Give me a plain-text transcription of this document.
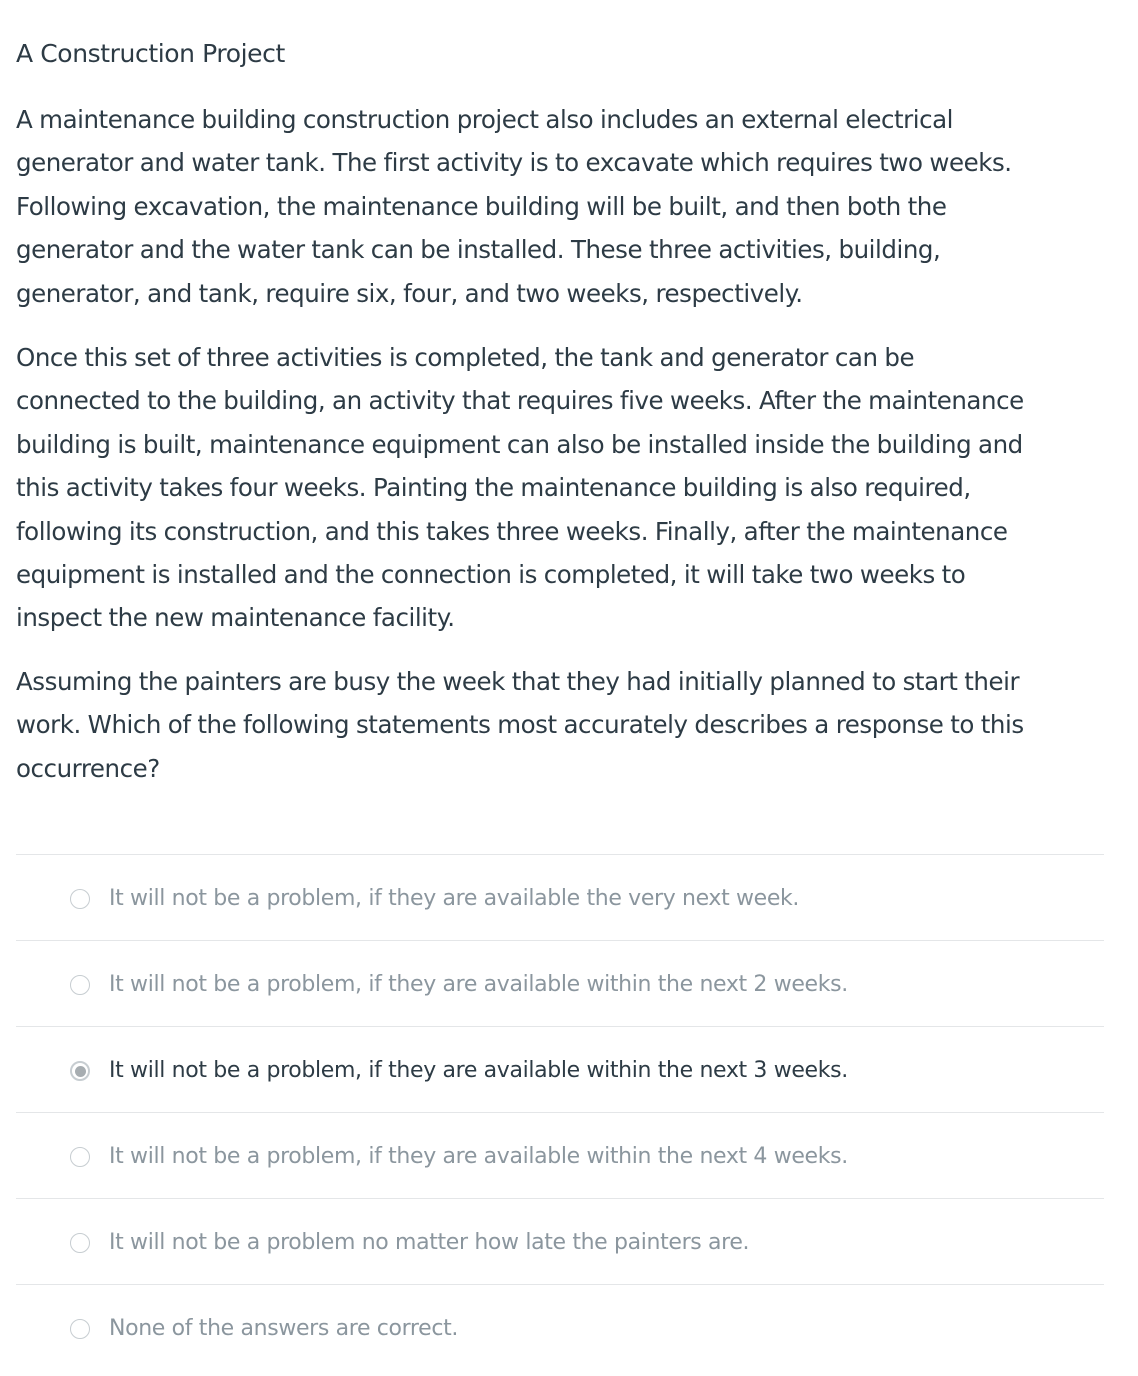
A Construction Project

A maintenance building construction project also includes an external electrical
generator and water tank. The first activity is to excavate which requires two weeks.
Following excavation, the maintenance building will be built, and then both the
generator and the water tank can be installed. These three activities, building,
generator, and tank, require six, four, and two weeks, respectively.

Once this set of three activities is completed, the tank and generator can be
connected to the building, an activity that requires five weeks. After the maintenance
building is built, maintenance equipment can also be installed inside the building and
this activity takes four weeks. Painting the maintenance building is also required,
following its construction, and this takes three weeks. Finally, after the maintenance
equipment is installed and the connection is completed, it will take two weeks to
inspect the new maintenance facility.

Assuming the painters are busy the week that they had initially planned to start their
work. Which of the following statements most accurately describes a response to this
occurrence?

It will not be a problem, if they are available the very next week.
It will not be a problem, if they are available within the next 2 weeks.
It will not be a problem, if they are available within the next 3 weeks.
It will not be a problem, if they are available within the next 4 weeks.
It will not be a problem no matter how late the painters are.
None of the answers are correct.
